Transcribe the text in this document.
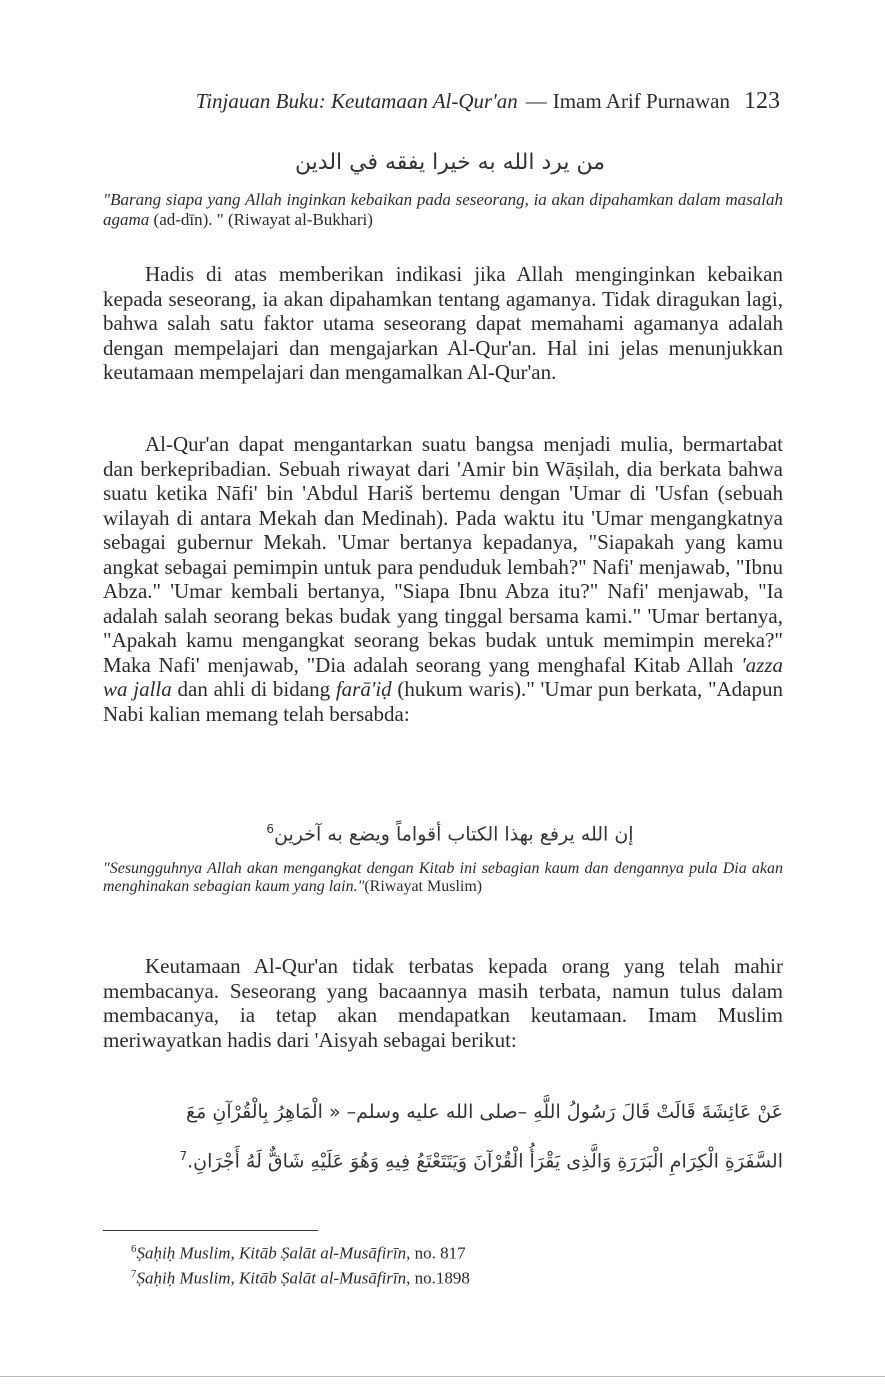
Tinjauan Buku: Keutamaan Al-Qur'an — Imam Arif Purnawan 123
من يرد الله به خيرا يفقه في الدين
"Barang siapa yang Allah inginkan kebaikan pada seseorang, ia akan dipahamkan dalam masalah agama (ad-dīn). " (Riwayat al-Bukhari)

Hadis di atas memberikan indikasi jika Allah menginginkan kebaikan kepada seseorang, ia akan dipahamkan tentang agamanya. Tidak diragukan lagi, bahwa salah satu faktor utama seseorang dapat memahami agamanya adalah dengan mempelajari dan mengajarkan Al-Qur'an. Hal ini jelas menunjukkan keutamaan mempelajari dan mengamalkan Al-Qur'an.

Al-Qur'an dapat mengantarkan suatu bangsa menjadi mulia, bermartabat dan berkepribadian. Sebuah riwayat dari 'Amir bin Wāṣilah, dia berkata bahwa suatu ketika Nāfi' bin 'Abdul Hariš bertemu dengan 'Umar di 'Usfan (sebuah wilayah di antara Mekah dan Medinah). Pada waktu itu 'Umar mengangkatnya sebagai gubernur Mekah. 'Umar bertanya kepadanya, "Siapakah yang kamu angkat sebagai pemimpin untuk para penduduk lembah?" Nafi' menjawab, "Ibnu Abza." 'Umar kembali bertanya, "Siapa Ibnu Abza itu?" Nafi' menjawab, "Ia adalah salah seorang bekas budak yang tinggal bersama kami." 'Umar bertanya, "Apakah kamu mengangkat seorang bekas budak untuk memimpin mereka?" Maka Nafi' menjawab, "Dia adalah seorang yang menghafal Kitab Allah 'azza wa jalla dan ahli di bidang farā'iḍ (hukum waris)." 'Umar pun berkata, "Adapun Nabi kalian memang telah bersabda:

إن الله يرفع بهذا الكتاب أقواماً ويضع به آخرين$^6$
"Sesungguhnya Allah akan mengangkat dengan Kitab ini sebagian kaum dan dengannya pula Dia akan menghinakan sebagian kaum yang lain."(Riwayat Muslim)

Keutamaan Al-Qur'an tidak terbatas kepada orang yang telah mahir membacanya. Seseorang yang bacaannya masih terbata, namun tulus dalam membacanya, ia tetap akan mendapatkan keutamaan. Imam Muslim meriwayatkan hadis dari 'Aisyah sebagai berikut:

عَنْ عَائِشَةَ قَالَتْ قَالَ رَسُولُ اللَّهِ –صلى الله عليه وسلم– « الْمَاهِرُ بِالْقُرْآنِ مَعَ
السَّفَرَةِ الْكِرَامِ الْبَرَرَةِ وَالَّذِى يَقْرَأُ الْقُرْآنَ وَيَتَتَعْتَعُ فِيهِ وَهُوَ عَلَيْهِ شَاقٌّ لَهُ أَجْرَانِ.$^7$
$^6$Ṣaḥiḥ Muslim, Kitāb Ṣalāt al-Musāfirīn, no. 817
$^7$Ṣaḥiḥ Muslim, Kitāb Ṣalāt al-Musāfirīn, no.1898
